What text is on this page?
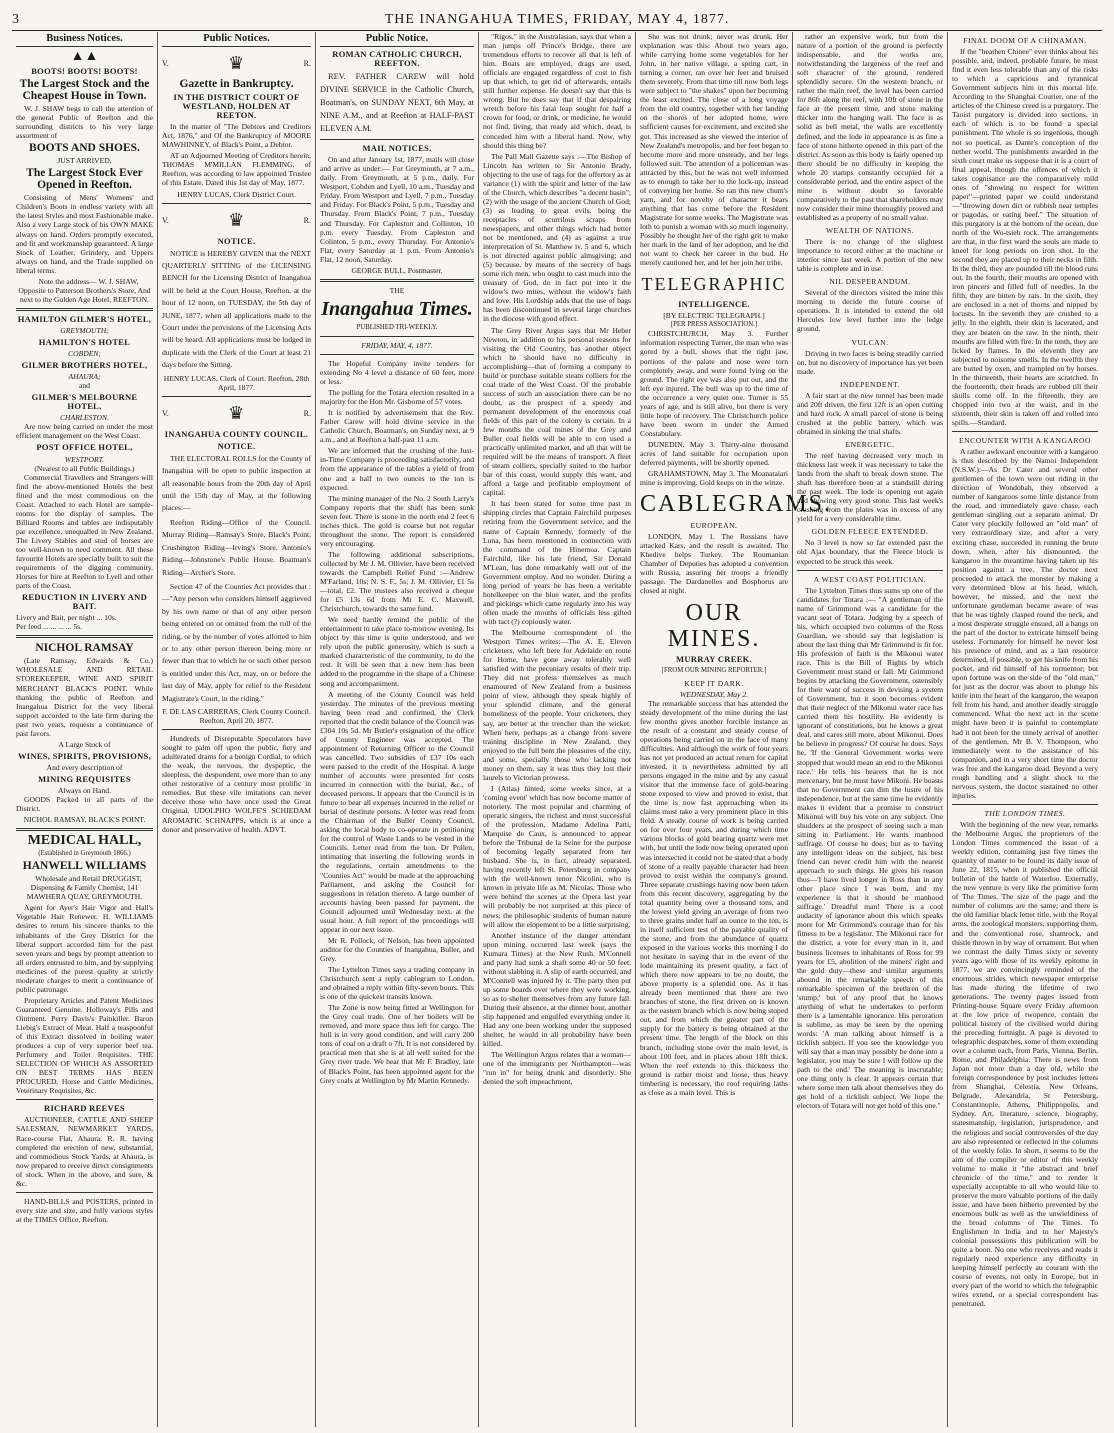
3	THE INANGAHUA TIMES, FRIDAY, MAY 4, 1877.
Business Notices.
▲▲
BOOTS! BOOTS! BOOTS!
The Largest Stock and the Cheapest House in Town.
W. J. SHAW begs to call the attention of the general Public of Reefton and the surrounding districts to his very large assortment of
BOOTS AND SHOES.
JUST ARRIVED,
The Largest Stock Ever Opened in Reefton.
Consisting of Mens' Womens' and Children's Boots in endless variety with all the latest Styles and most Fashionable make. Also a very Large stock of his OWN MAKE always on hand. Orders promptly executed, and fit and workmanship guaranteed. A large Stock of Leather, Grindery, and Uppers always on hand, and the Trade supplied on liberal terms.
Note the address— W. J. SHAW, Opposite to Patterson Brothers's Store, And next to the Golden Age Hotel, REEFTON.
HAMILTON GILMER'S HOTEL,
GREYMOUTH;
HAMILTON'S HOTEL
COBDEN;
GILMER BROTHERS HOTEL,
AHAURA;
and
GILMER'S MELBOURNE HOTEL,
CHARLESTON.
Are now being carried on under the most efficient management on the West Coast.
POST OFFICE HOTEL,
WESTPORT.
(Nearest to all Public Buildings.)
Commercial Travellers and Strangers will find the above-mentioned Hotels the best fitted and the most commodious on the Coast. Attached to each Hotel are sample-rooms for the display of samples. The Billiard Rooms and tables are indisputably par excellence, unequalled in New Zealand. The Livery Stables and stud of horses are too well-known to need comment. All these favourite Hotels are specially built to suit the requirements of the digging community. Horses for hire at Reefton to Lyell and other parts of the Coast.
REDUCTION IN LIVERY AND BAIT.
Livery and Bait, per night ... 10s.
Per feed ... ... ... ... 5s.
NICHOL RAMSAY
(Late Ramsay, Edwards & Co.) WHOLESALE AND RETAIL STOREKEEPER, WINE AND SPIRIT MERCHANT BLACK'S POINT. While thanking the public of Reefton and Inangahua District for the very liberal support accorded to the late firm during the past two years, requests a continuance of past favors.
A Large Stock of
WINES, SPIRITS, PROVISIONS,
And every description of
MINING REQUISITES
Always on Hand.
GOODS Packed to all parts of the District.
NICHOL RAMSAY, BLACK'S POINT.
MEDICAL HALL,
(Established in Greymouth 1866.)
HANWELL WILLIAMS
Wholesale and Retail DRUGGIST, Dispensing & Family Chemist, 141 MAWHERA QUAY, GREYMOUTH.
Agent for Ayer's Hair Vigor and Hall's Vegetable Hair Renewer. H. WILLIAMS desires to return his sincere thanks to the inhabitants of the Grey District for the liberal support accorded him for the past seven years and begs by prompt attention to all orders entrusted to him, and by supplying medicines of the purest quality at strictly moderate charges to merit a continuance of public patronage.
Proprietary Articles and Patent Medicines Guaranteed Genuine. Holloway's Pills and Ointment. Perry Davis's Painkiller. Baron Liebig's Extract of Meat. Half a teaspoonful of this Extract dissolved in boiling water produces a cup of very superior beef tea. Perfumery and Toilet Requisites. THE SELECTION OF WHICH AS ASSORTED ON BEST TERMS HAS BEEN PROCURED. Horse and Cattle Medicines, Veterinary Requisites, &c.
RICHARD REEVES
AUCTIONEER, CATTLE AND SHEEP SALESMAN, NEWMARKET YARDS, Race-course Flat, Ahaura. R. R. having completed the erection of new, substantial, and commodious Stock Yards, at Ahaura, is now prepared to receive direct consignments of stock. When in the above, and sure, & &c.
HAND-BILLS and POSTERS, printed in every size and size, and fully various styles at the TIMES Office, Reefton.
Public Notices.
V.	♛	R.
Gazette in Bankruptcy.
IN THE DISTRICT COURT OF WESTLAND, HOLDEN AT REETON.
In the matter of "The Debtors and Creditors Act, 1876," and Of the Bankruptcy of MOORE MAWHINNEY, of Black's Point, a Debtor.
AT an Adjourned Meeting of Creditors herein, THOMAS M'MILLAN FLEMMING, of Reefton, was according to law appointed Trustee of this Estate. Dated this 1st day of May, 1877.
HENRY LUCAS, Clerk District Court.
V.	♛	R.
NOTICE.
NOTICE is HEREBY GIVEN that the NEXT QUARTERLY SITTING of the LICENSING BENCH for the Licensing District of Inangahua will be held at the Court House, Reefton, at the hour of 12 noon, on TUESDAY, the 5th day of JUNE, 1877, when all applications made to the Court under the provisions of the Licensing Acts will be heard. All applications must be lodged in duplicate with the Clerk of the Court at least 21 days before the Sitting.
HENRY LUCAS, Clerk of Court. Reefton, 28th April, 1877.
V.	♛	R.
INANGAHUA COUNTY COUNCIL.
NOTICE.
THE ELECTORAL ROLLS for the County of Inangahua will be open to public inspection at all reasonable hours from the 20th day of April until the 15th day of May, at the following places:—
Reefton Riding—Office of the Council. Murray Riding—Ramsay's Store, Black's Point. Crushington Riding—Irving's Store. Antonio's Riding—Johnstone's Public House. Boatman's Riding—Archer's Store.
Section 47 of the Counties Act provides that :—"Any person who considers himself aggrieved by his own name or that of any other person being entered on or omitted from the roll of the riding, or by the number of votes allotted to him or to any other person thereon being more or fewer than that to which he or such other person is entitled under this Act, may, on or before the last day of May, apply for relief to the Resident Magistrate's Court, in the riding."
F. DE LAS CARRERAS, Clerk County Council. Reefton, April 20, 1877.
Hundreds of Disreputable Speculators have sought to palm off upon the public, fiery and adulterated drams for a benign Cordial, to which the weak, the nervous, the dyspeptic, the sleepless, the despondent, owe more than to any other restorative of a century most prolific in remedies. But these vile imitations can never deceive those who have once used the Great Original, UDOLPHO WOLFE'S SCHIEDAM AROMATIC SCHNAPPS, which is at once a donor and preservative of health. ADVT.
Public Notice.
ROMAN CATHOLIC CHURCH, REEFTON.
REV. FATHER CAREW will hold DIVINE SERVICE in the Catholic Church, Boatman's, on SUNDAY NEXT, 6th May, at NINE A.M., and at Reefton at HALF-PAST ELEVEN A.M.
MAIL NOTICES.
On and after January 1st, 1877, mails will close and arrive as under:— For Greymouth, at 7 a.m., daily. From Greymouth, at 5 p.m., daily. For Westport, Cobden and Lyell, 10 a.m., Tuesday and Friday. From Westport and Lyell, 7 p.m., Tuesday and Friday. For Black's Point, 5 p.m., Tuesday and Thursday. From Black's Point, 7 p.m., Tuesday and Thursday. For Capleston and Collinton, 10 p.m. every Tuesday. From Capleston and Colinton, 5 p.m., every Thursday. For Antonio's Flat, every Saturday at 1 p.m. From Antonio's Flat, 12 noon, Saturday.
GEORGE BULL, Postmaster.
THE
Inangahua Times.
PUBLISHED TRI-WEEKLY.
FRIDAY, MAY, 4, 1877.
The Hopeful Company invite tenders for extending No 4 level a distance of 60 feet, more or less.
The polling for the Totara election resulted in a majority for the Hon Mr. Gisborne of 57 votes.
It is notified by advertisement that the Rev. Father Carew will hold divine service in the Catholic Church, Boatman's, on Sunday next, at 9 a.m., and at Reefton a half-past 11 a.m.
We are informed that the crushing of the Just-in-Time Company is proceeding satisfactorily, and from the appearance of the tables a yield of from one and a half to two ounces to the ton is expected.
The mining manager of the No. 2 South Larry's Company reports that the shaft has been sunk seven feet. There is stone in the north end 2 feet 6 inches thick. The gold is coarse but not regular throughout the stone. The report is considered very encouraging.
The following additional subscriptions, collected by Mr J. M. Ollivier, have been received towards the Campbell Relief Fund :—Andrew M'Farland, 10s; N. S. F., 5s; J. M. Ollivier, £1 5s—total, £2. The trustees also received a cheque for £5 13s 6d from Mr E. C. Maxwell, Christchurch, towards the same fund.
We need hardly remind the public of the entertainment to take place to-morrow evening. Its object by this time is quite understood, and we rely upon the public generosity, which is such a marked characteristic of the community, to do the rest. It will be seen that a new item has been added to the programme in the shape of a Chinese song and accompaniment.
A meeting of the County Council was held yesterday. The minutes of the previous meeting having been read and confirmed, the Clerk reported that the credit balance of the Council was £304 10s 5d. Mr Butler's resignation of the office of County Engineer was accepted. The appointment of Returning Officer to the Council was cancelled. Two subsidies of £37 10s each were passed to the credit of the Hospital. A large number of accounts were presented for costs incurred in connection with the burial, &c., of deceased persons. It appears that the Council is in future to bear all expenses incurred in the relief or burial of destitute persons. A letter was read from the Chairman of the Buller County Council, asking the local body to co-operate in petitioning for the control of Waste Lands to be vested in the Councils. Letter read from the hon. Dr Pollen, intimating that inserting the following words in the regulations, certain amendments to the "Counties Act" would be made at the approaching Parliament, and asking the Council for suggestions in relation thereto. A large number of accounts having been passed for payment, the Council adjourned until Wednesday next, at the usual hour. A full report of the proceedings will appear in our next issue.
Mr R. Pollock, of Nelson, has been appointed auditor for the Counties of Inangahua, Buller, and Grey.
The Lyttelton Times says a trading company in Christchurch sent a reply cablegram to London, and obtained a reply within fifty-seven hours. This is one of the quickest transits known.
The Zone is now being fitted at Wellington for the Grey coal trade. One of her boilers will be removed, and more space thus left for cargo. The hull is in very good condition, and will carry 200 tons of coal on a draft o 7ft. It is not considered by practical men that she is at all well suited for the Grey river trade. We hear that Mr F. Bradley, late of Black's Point, has been appointed agent for the Grey coals at Wellington by Mr Martin Kennedy.
"Rigos," in the Australasian, says that when a man jumps off Prince's Bridge, there are tremendous efforts to recover all that is left of him. Boats are employed, drags are used, officials are engaged regardless of cost to fish up that which, to get rid of afterwards, entails still further expense. He doesn't say that this is wrong. But he does say that if that despairing wretch before his fatal leap sought for half a crown for food, or drink, or medicine, he would not find, living, that ready aid which, dead, is conceded him with a liberal hand. Now, why should this thing be?
The Pall Mall Gazette says :—The Bishop of Lincoln has written to Sir Antonio Brady, objecting to the use of tags for the offertory as at variance (1) with the spirit and letter of the law of the Church, which describes "a decent basin"; (2) with the usage of the ancient Church of God; (3) as leading to great evils, being the receptacles of scurrilous scraps from newspapers, and other things which had better not be mentioned, and (4) as against a true interpretation of St. Matthew iv. 5 and 6, which is not directed against public almsgiving; and (5) because, by means of the secrecy of bags some rich men, who ought to cast much into the treasury of God, do in fact put into it the widow's two mites, without the widow's faith and love. His Lordship adds that the use of bags has been discontinued in several large churches in the diocese with good effect.
The Grey River Argus says that Mr Heber Newton, in addition to his personal reasons for visiting the Old Country, has another object which he should have no difficulty in accomplishing—that of forming a company to build or purchase suitable steam colliers for the coal trade of the West Coast. Of the probable success of such an association there can be no doubt, as the prospect of a speedy and permanent development of the enormous coal fields of this part of the colony is certain. In a few months the coal mines of the Grey and Buller coal fields will be able to con used a practically unlimited market, and all that will be required will be the means of transport. A fleet of steam colliers, specially suited to the harbor bar of this coast, would supply this want, and afford a large and profitable employment of capital.
It has been stated for some time past in shipping circles that Captain Fairchild purposes retiring from the Government service, and the name of Captain Kennedy, formerly of the Luna, has been mentioned in connection with the command of the Hinemoa. Captain Fairchild, like his late friend, Sir Donald M'Lean, has done remarkably well out of the Government employ. And no wonder. During a long period of years he has been a veritable hotelkeeper on the blue water, and the profits and pickings which came regularly into his way often made the mouths of officials less gifted with tact (?) copiously water.
The Melbourne correspondent of the Westport Times writes:—The A. E. Eleven cricketers, who left here for Adelaide en route for Home, have gone away tolerably well satisfied with the pecuniary results of their trip. They did not profess themselves as much enamoured of New Zealand from a business point of view, although they speak highly of your splendid climate, and the general homeliness of the people. Your cricketers, they say, are better at the trencher than the wicket. When here, perhaps as a change from severe training discipline in New Zealand, they enjoyed to the full bent the pleasures of the city, and some, specially those who lacking not money on them, say it was thus they lost their laurels to Victorian prowess.
I (Atlas) hinted, some weeks since, at a 'coming event' which has now become matter of notoriety. The most popular and charming of operatic singers, the richest and most successful of the profession, Madame Adelina Patti, Marquise de Caux, is announced to appear before the Tribunal de la Seine for the purpose of becoming legally separated from her husband. She is, in fact, already separated, having recently left St. Petersburg in company with the well-known tenor Nicolini, who is known in private life as M. Nicolas. Those who were behind the scenes at the Opera last year will probably be not surprised at this piece of news; the philosophic students of human nature will allow the elopement to be a little surprising.
Another instance of the danger attendant upon mining occurred last week (says the Kumara Times) at the New Rush. M'Connell and party had sunk a shaft some 40 or 50 feet, without slabbing it. A slip of earth occurred, and M'Connell was injured by it. The party then put up some boards over where they were working, so as to shelter themselves from any future fall. During their absence, at the dinner hour, another slip happened and engulfed everything under it. Had any one been working under the supposed shelter, he would in all probability have been killed.
The Wellington Argus relates that a woman—one of the immigrants per Northampton—was "run in" for being drunk and disorderly. She denied the soft impeachment,
She was not drunk; never was drunk. Her explanation was this: About two years ago, while carrying home some vegetables for her John, in her native village, a spring cart, in turning a corner, ran over her feet and bruised them severely. From that time till now both legs were subject to "the shakes" upon her becoming the least excited. The close of a long voyage from the old country, together with her landing on the shores of her adopted home, were sufficient causes for excitement, and excited she got. This increased as she viewed the interior of New Zealand's metropolis, and her feet began to become more and more unsteady, and her legs followed suit. The attention of a policeman was attracted by this, but he was not well informed as to enough to take her to the lock-up, instead of conveying her home. So ran this new chum's yarn, and for novelty of character it bears anything that has come before the Resident Magistrate for some weeks. The Magistrate was loth to punish a woman with so much ingenuity. Possibly he thought her of the right grit to make her mark in the land of her adoption, and he did not want to check her career in the bud. He merely cautioned her, and let her join her tribe.
TELEGRAPHIC
INTELLIGENCE.
[BY ELECTRIC TELEGRAPH.]
[PER PRESS ASSOCIATION.]
CHRISTCHURCH, May 3. Further information respecting Turner, the man who was gored by a bull, shows that the right jaw, portions of the palate and nose were torn completely away, and were found lying on the ground. The right eye was also put out, and the left eye injured. The bull was up to the time of the occurrence a very quiet one. Turner is 55 years of age, and is still alive, but there is very little hope of recovery. The Christchurch police have been sworn in under the Armed Constabulary.
DUNEDIN, May 3. Thirty-nine thousand acres of land suitable for occupation upon deferred payments, will be shortly opened.
GRAHAMSTOWN, May 3. The Moanataiari mine is improving. Gold keeps on in the winze.
CABLEGRAMS.
EUROPEAN.
LONDON, May 1. The Russians have attacked Kars, and the result is awaited. The Khedive helps Turkey. The Roumanian Chamber of Deputies has adopted a convention with Russia, assuring her troops a friendly passage. The Dardanelles and Bosphorus are closed at night.
OUR MINES.
MURRAY CREEK.
[FROM OUR MINING REPORTER.]
KEEP IT DARK.
WEDNESDAY, May 2.
The remarkable success that has attended the steady development of the mine during the last few months gives another forcible instance as the result of a constant and steady course of operations being carried on in the face of many difficulties. And although the work of four years has not yet produced an actual return for capital invested, it is nevertheless admitted by all persons engaged in the mine and by any casual visitor that the immense face of gold-bearing stone exposed to view and proved to exist, that the time is now fast approaching when its claims must take a very prominent place in this field. A steady course of work is being carried on for over four years, and during which time various blocks of gold bearing quartz were met with, but until the lode now being operated upon was intersected it could not be stated that a body of stone of a really payable character had been proved to exist within the company's ground. Three separate crushings having now been taken from this recent discovery, aggregating by the total quantity being over a thousand tons, and the lowest yield giving an average of from two to three grains under half an ounce to the ton, is in itself sufficient test of the payable quality of the stone, and from the abundance of quartz exposed in the various works this morning I do not hesitate in saying that in the event of the lode maintaining its present quality, a fact of which there now appears to be no doubt, the above property is a splendid one. As it has already been mentioned that there are two branches of stone, the first driven on is known as the eastern branch which is now being stoped out, and from which the greater part of the supply for the battery is being obtained at the present time. The length of the block on this branch, including stone over the main level, is about 100 feet, and in places about 18ft thick. When the reef extends to this thickness the ground is rather moist and loose, thus heavy timbering is necessary, the roof requiring laths as close as a main level. This is
rather an expensive work, but from the nature of a portion of the ground is perfectly indispensable, and the works are, notwithstanding the largeness of the reef and soft character of the ground, rendered splendidly secure. On the western branch, or rather the main reef, the level has been carried for 86ft along the reef, with 10ft of stone in the face at the present time, and stone making thicker into the hanging wall. The face is as solid as bell metal, the walls are excellently defined, and the lode in appearance is as fine a face of stone hitherto opened in this part of the district. As soon as this body is fairly opened up there should be no difficulty in keeping the whole 20 stamps constantly occupied for a considerable period, and the entire aspect of the mine is without doubt so favorable comparatively to the past that shareholders may now consider their mine thoroughly proved and established as a property of no small value.
WEALTH OF NATIONS.
There is no change of the slightest importance to record either at the machine or interior since last week. A portion of the new table is complete and in use.
NIL DESPERANDUM.
Several of the directors visited the mine this morning to decide the future course of operations. It is intended to extend the old Hercules low level further into the ledge ground.
VULCAN.
Driving in two faces is being steadily carried on, but no discovery of importance has yet been made.
INDEPENDENT.
A fair start at the new tunnel has been made and 20ft driven, the first 12ft is an open cutting and hard rock. A small parcel of stone is being crushed at the public battery, which was obtained in sinking the trial shafts.
ENERGETIC.
The reef having decreased very much in thickness last week it was necessary to take the lands from the shaft to break down stone. The shaft has therefore been at a standstill during the past week. The lode is opening out again and showing very good stone. This last week's crushing from the plates was in excess of any yield for a very considerable time.
GOLDEN FLEECE EXTENDED.
No 3 level is now so far extended past the old Ajax boundary, that the Fleece block is expected to be struck this week.
A WEST COAST POLITICIAN.
The Lyttelton Times thus sums up one of the candidates for Totara :— "A gentleman of the name of Grimmond was a candidate for the vacant seat of Totara. Judging by a speech of his, which occupied two columns of the Ross Guardian, we should say that legislation is about the last thing that Mr Grimmond is fit for. His profession of faith is the Mikonui water race. This is the Bill of Rights by which Government must stand or fall. Mr Grimmond begins by attacking the Government, ostensibly for their want of success in devising a system of Government, but it soon becomes evident that their neglect of the Mikonui water race has carried them his hostility. He evidently is ignorant of constitutions, but he knows a great deal, and cares still more, about Mikonui. Does he believe in progress? Of course he does. Says he, 'If the General Government works were stopped that would mean an end to the Mikonui race.' He tells his hearers that he is not mercenary, but he must have Mikoni. He boasts that no Government can dim the lustre of his independence, but at the same time he evidently makes it evident that a promise to construct Mikonui will buy his vote on any subject. One shudders at the prospect of seeing such a man sitting in Parliament. He wants manhood suffrage. Of course he does; but as to having any intelligent ideas on the subject, his best friend can never credit him with the nearest approach to such things. He gives his reason thus—'I have lived longer in Ross than in any other place since I was born, and my experience is that it should be manhood suffrage.' Dreadful man! There is a cool audacity of ignorance about this which speaks more for Mr Grimmond's courage than for his fitness to be a legislator. The Mikonui race for the district, a vote for every man in it, and business licenses to inhabitants of Ross for 99 years for £5, abolition of the miners' right and the gold duty—these and similar arguments abound in the remarkable speech of this remarkable specimen of the brethren of the 'stump;' but of any proof that he knows anything of what he undertakes to perform there is a lamentable ignorance. His peroration is sublime, as may be seen by the opening words: 'A man talking about himself is a ticklish subject. If you see the knowledge you will say that a man may possibly be done into a legislator, you may be sure I will follow up the path to the end.' The meaning is inscrutable; one thing only is clear. It appears certain that where some men talk about themselves they do get hold of a ticklish subject. We hope the electors of Totara will not get hold of this one."
FINAL DOOM OF A CHINAMAN.
If the "heathen Chinee" ever thinks about his possible, and, indeed, probable future, he must find it even less tolerable than any of the risks to which a capricious and tyrannical Government subjects him in this mortal life. According to the Shanghai Courier, one of the articles of the Chinese creed is a purgatory. The Taoist purgatory is divided into sections, in each of which is to be found a special punishment. The whole is so ingenious, though not so poetical, as Dante's conception of the nether world. The punishments awarded in the sixth court make us suppose that it is a court of final appeal, though the offences of which it takes cognisance are the comparatively mild ones of "showing no respect for written paper"—printed paper we could understand—"throwing down dirt or rubbish near temples or pagodas, or eating beef." The situation of this purgatory is at the bottom of the ocean, due north of the Wo-tsieh rock. The arrangements are that, in the first ward the souls are made to kneel for long periods on iron shot. In the second they are placed up to their necks in filth. In the third, they are pounded till the blood runs out. In the fourth, their mouths are opened with iron pincers and filled full of needles. In the fifth, they are bitten by rats. In the sixth, they are enclosed in a net of thorns and nipped by locusts. In the seventh they are crushed to a jelly. In the eighth, their skin is lacerated, and they are beaten on the raw. In the ninth, their mouths are filled with fire. In the tenth, they are licked by flames. In the eleventh they are subjected to noisome smells. In the twelfth they are butted by oxen, and trampled on by horses. In the thirteenth, their hearts are scratched. In the fourteenth, their heads are rubbed till their skulls come off. In the fifteenth, they are chopped into two at the waist, and in the sixteenth, their skin is taken off and rolled into spills.—Standard.
ENCOUNTER WITH A KANGAROO
A rather awkward encounter with a kangaroo is thus described by the Namoi Independent (N.S.W.):—As Dr Cater and several other gentlemen of the town were out riding in the direction of Wondobah, they observed a number of kangaroos some little distance from the road, and immediately gave chase, each gentleman singling out a separate animal. Dr Cater very pluckily followed an "old man" of very extraordinary size, and after a very exciting chase, succeeded in running the brute down, when, after his dismounted, the kangaroo in the meantime having taken up his position against a tree. The doctor next proceeded to attack the monster by making a very determined blow at his head, which, however, he missed, and the next the unfortunate gentleman became aware of was that he was tightly clasped round the neck, and a most desperate struggle ensued, all a hangs on the part of the doctor to extricate himself being useless. Fortunately for himself he never lost his presence of mind, and as a last resource determined, if possible, to get his knife from his pocket, and rid himself of his tormentor; but upon fortune was on the side of the "old man," for just as the doctor was about to plunge his knife into the heart of the kangaroo, the weapon fell from his hand, and another deadly struggle commenced. What the next act in the scene might have been it is painful to contemplate had it not been for the timely arrival of another of the gentlemen, Mr B. V. Thompson, who immediately went to the assistance of his companion, and in a very short time the doctor was free and the kangaroo dead. Beyond a very rough handling and a slight shock to the nervous system, the doctor sustained no other injuries.
THE LONDON TIMES.
With the beginning of the new year, remarks the Melbourne Argus, the proprietors of the London Times commenced the issue of a weekly edition, containing just five times the quantity of matter to be found its daily issue of June 22, 1815, when it published the official bulletin of the battle of Waterloo. Externally, the new venture is very like the primitive form of The Times. The size of the page and the number of columns are the same; and there is the old familiar black letter title, with the Royal arms, the zoological monsters, supporting them, and the conventional rose, shamrock, and thistle thrown in by way of ornament. But when we contrast the daily Times sixty or seventy years ago with those of its weekly epitome in 1877, we are convincingly reminded of the enormous strides which newspaper enterprise has made during the lifetime of two generations. The twenty pages issued from Printing-house Square every Friday afternoon at the low price of twopence, contain the political history of the civilised world during the preceding fortnight. A page is devoted to telegraphic despatches, some of them extending over a column each, from Paris, Vienna, Berlin, Rome, and Philadelphia. There is news from Japan not more than a day old, while the foreign correspondence by post includes letters from Shanghai, Celestia, New Orleans, Belgrade, Alexandria, St Petersburg, Constantinople, Athens, Philippopolis, and Sydney. Art, literature, science, biography, statesmanship, legislation, jurisprudence, and the religious and social controversies of the day are also represented or reflected in the columns of the weekly folio. In short, it seems to be the aim of the compiler or editor of this weekly volume to make it "the abstract and brief chronicle of the time," and to render it especially acceptable to all who would like to preserve the more valuable portions of the daily issue, and have been hitherto prevented by the enormous bulk as well as the unwieldiness of the broad columns of The Times. To Englishmen in India and to her Majesty's colonial possessions this publication will be quite a boon. No one who receives and reads it regularly need experience any difficulty in keeping himself perfectly au courant with the course of events, not only in Europe, but in every part of the world to which the telegraphic wires extend, or a special correspondent has penetrated.
